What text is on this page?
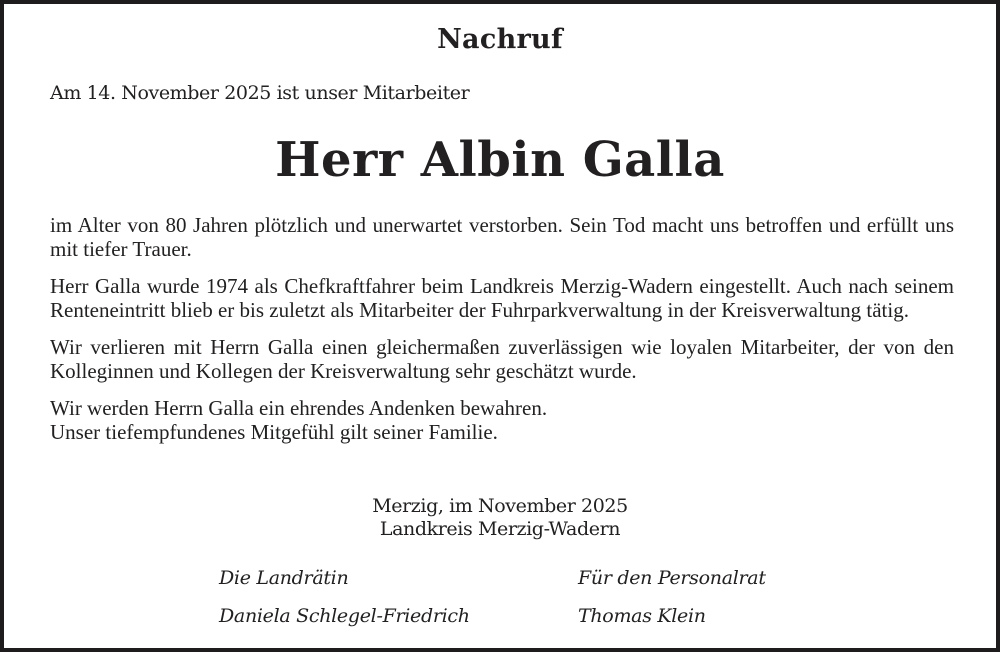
Nachruf
Am 14. November 2025 ist unser Mitarbeiter
Herr Albin Galla

im Alter von 80 Jahren plötzlich und unerwartet verstorben. Sein Tod macht uns betroffen und erfüllt uns mit tiefer Trauer.

Herr Galla wurde 1974 als Chefkraftfahrer beim Landkreis Merzig-Wadern eingestellt. Auch nach seinem Renteneintritt blieb er bis zuletzt als Mitarbeiter der Fuhrparkverwaltung in der Kreisverwaltung tätig.

Wir verlieren mit Herrn Galla einen gleichermaßen zuverlässigen wie loyalen Mitarbeiter, der von den Kolleginnen und Kollegen der Kreisverwaltung sehr geschätzt wurde.

Wir werden Herrn Galla ein ehrendes Andenken bewahren.
Unser tiefempfundenes Mitgefühl gilt seiner Familie.

Merzig, im November 2025
Landkreis Merzig-Wadern
Die Landrätin
Daniela Schlegel-Friedrich
Für den Personalrat
Thomas Klein
